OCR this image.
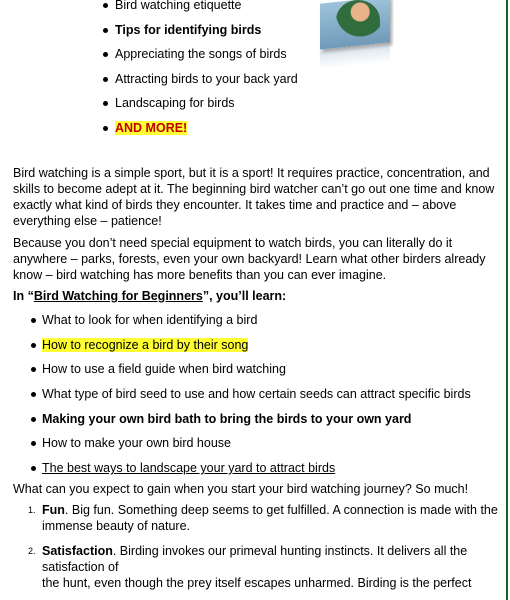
Bird watching etiquette
Tips for identifying birds
Appreciating the songs of birds
Attracting birds to your back yard
Landscaping for birds
AND MORE!

Bird watching is a simple sport, but it is a sport! It requires practice, concentration, and skills to become adept at it. The beginning bird watcher can’t go out one time and know exactly what kind of birds they encounter. It takes time and practice and – above everything else – patience!

Because you don’t need special equipment to watch birds, you can literally do it anywhere – parks, forests, even your own backyard! Learn what other birders already know – bird watching has more benefits than you can ever imagine.

In “Bird Watching for Beginners”, you’ll learn:

What to look for when identifying a bird
How to recognize a bird by their song
How to use a field guide when bird watching
What type of bird seed to use and how certain seeds can attract specific birds
Making your own bird bath to bring the birds to your own yard
How to make your own bird house
The best ways to landscape your yard to attract birds

What can you expect to gain when you start your bird watching journey? So much!

1. Fun. Big fun. Something deep seems to get fulfilled. A connection is made with the immense beauty of nature.
2. Satisfaction. Birding invokes our primeval hunting instincts. It delivers all the satisfaction of
the hunt, even though the prey itself escapes unharmed. Birding is the perfect
